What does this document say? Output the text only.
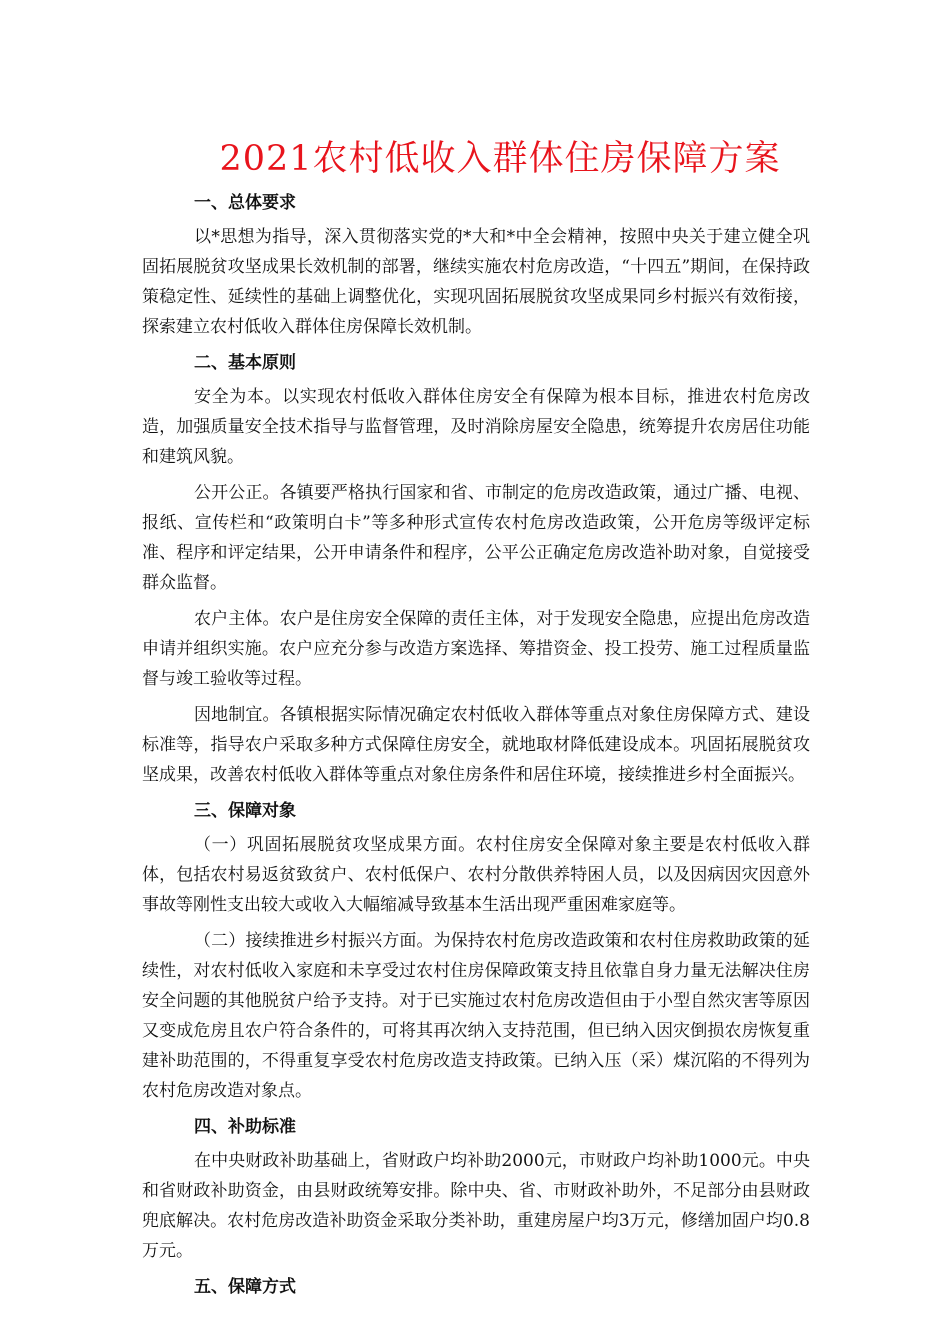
2021农村低收入群体住房保障方案

一、总体要求

以*思想为指导，深入贯彻落实党的*大和*中全会精神，按照中央关于建立健全巩固拓展脱贫攻坚成果长效机制的部署，继续实施农村危房改造，“十四五”期间，在保持政策稳定性、延续性的基础上调整优化，实现巩固拓展脱贫攻坚成果同乡村振兴有效衔接，探索建立农村低收入群体住房保障长效机制。

二、基本原则

安全为本。以实现农村低收入群体住房安全有保障为根本目标，推进农村危房改造，加强质量安全技术指导与监督管理，及时消除房屋安全隐患，统筹提升农房居住功能和建筑风貌。

公开公正。各镇要严格执行国家和省、市制定的危房改造政策，通过广播、电视、报纸、宣传栏和“政策明白卡”等多种形式宣传农村危房改造政策，公开危房等级评定标准、程序和评定结果，公开申请条件和程序，公平公正确定危房改造补助对象，自觉接受群众监督。

农户主体。农户是住房安全保障的责任主体，对于发现安全隐患，应提出危房改造申请并组织实施。农户应充分参与改造方案选择、筹措资金、投工投劳、施工过程质量监督与竣工验收等过程。

因地制宜。各镇根据实际情况确定农村低收入群体等重点对象住房保障方式、建设标准等，指导农户采取多种方式保障住房安全，就地取材降低建设成本。巩固拓展脱贫攻坚成果，改善农村低收入群体等重点对象住房条件和居住环境，接续推进乡村全面振兴。

三、保障对象

（一）巩固拓展脱贫攻坚成果方面。农村住房安全保障对象主要是农村低收入群体，包括农村易返贫致贫户、农村低保户、农村分散供养特困人员，以及因病因灾因意外事故等刚性支出较大或收入大幅缩减导致基本生活出现严重困难家庭等。

（二）接续推进乡村振兴方面。为保持农村危房改造政策和农村住房救助政策的延续性，对农村低收入家庭和未享受过农村住房保障政策支持且依靠自身力量无法解决住房安全问题的其他脱贫户给予支持。对于已实施过农村危房改造但由于小型自然灾害等原因又变成危房且农户符合条件的，可将其再次纳入支持范围，但已纳入因灾倒损农房恢复重建补助范围的，不得重复享受农村危房改造支持政策。已纳入压（采）煤沉陷的不得列为农村危房改造对象点。

四、补助标准

在中央财政补助基础上，省财政户均补助2000元，市财政户均补助1000元。中央和省财政补助资金，由县财政统筹安排。除中央、省、市财政补助外，不足部分由县财政兜底解决。农村危房改造补助资金采取分类补助，重建房屋户均3万元，修缮加固户均0.8万元。

五、保障方式
